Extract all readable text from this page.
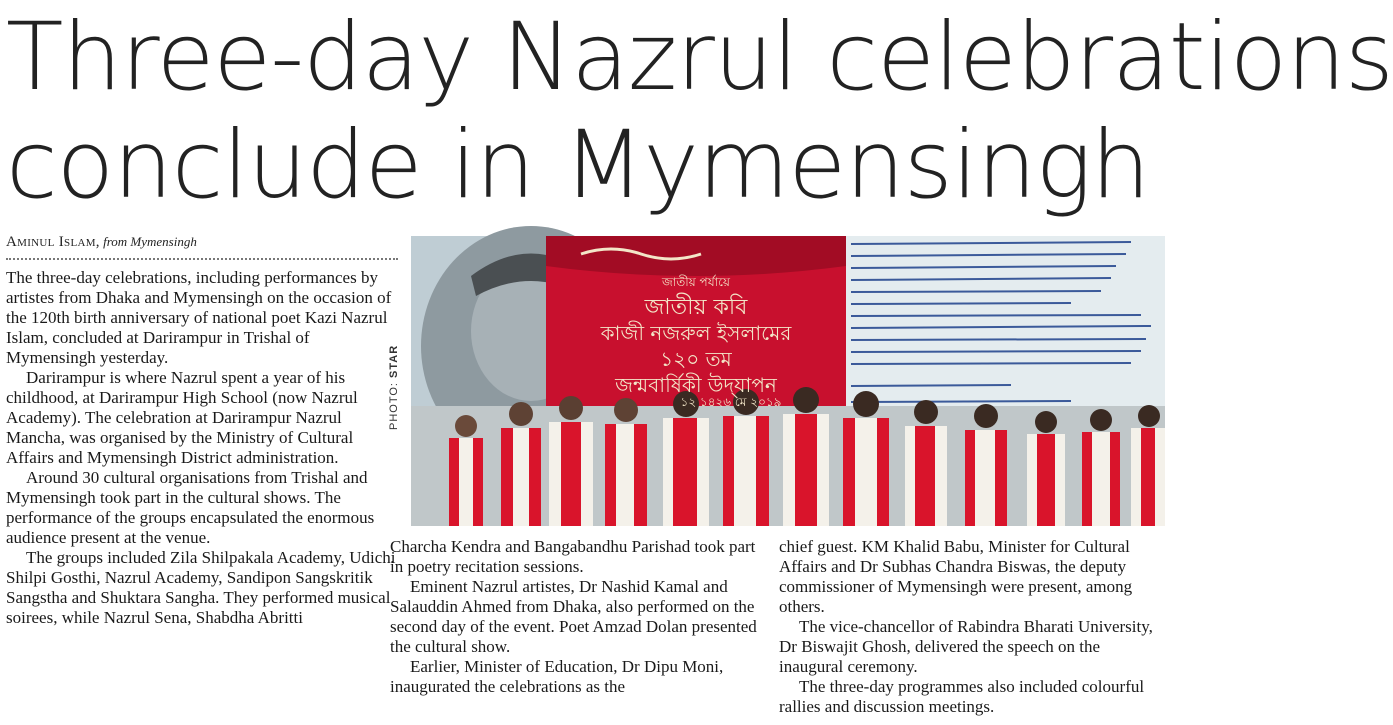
Three-day Nazrul celebrations
conclude in Mymensingh
Aminul Islam, from Mymensingh

The three-day celebrations, including performances by artistes from Dhaka and Mymensingh on the occasion of the 120th birth anniversary of national poet Kazi Nazrul Islam, concluded at Darirampur in Trishal of Mymensingh yesterday.

Darirampur is where Nazrul spent a year of his childhood, at Darirampur High School (now Nazrul Academy). The celebration at Darirampur Nazrul Mancha, was organised by the Ministry of Cultural Affairs and Mymensingh District administration.

Around 30 cultural organisations from Trishal and Mymensingh took part in the cultural shows. The performance of the groups encapsulated the enormous audience present at the venue.

The groups included Zila Shilpakala Academy, Udichi Shilpi Gosthi, Nazrul Academy, Sandipon Sangskritik Sangstha and Shuktara Sangha. They performed musical soirees, while Nazrul Sena, Shabdha Abritti

PHOTO: STAR
জাতীয় পর্যায়ে
জাতীয় কবি
কাজী নজরুল ইসলামের
১২০ তম
জন্মবার্ষিকী উদ্‌যাপন
১২ ১৪২৬ মে ২০১৯

Charcha Kendra and Bangabandhu Parishad took part in poetry recitation sessions.

Eminent Nazrul artistes, Dr Nashid Kamal and Salauddin Ahmed from Dhaka, also performed on the second day of the event. Poet Amzad Dolan presented the cultural show.

Earlier, Minister of Education, Dr Dipu Moni, inaugurated the celebrations as the

chief guest. KM Khalid Babu, Minister for Cultural Affairs and Dr Subhas Chandra Biswas, the deputy commissioner of Mymensingh were present, among others.

The vice-chancellor of Rabindra Bharati University, Dr Biswajit Ghosh, delivered the speech on the inaugural ceremony.

The three-day programmes also included colourful rallies and discussion meetings.
